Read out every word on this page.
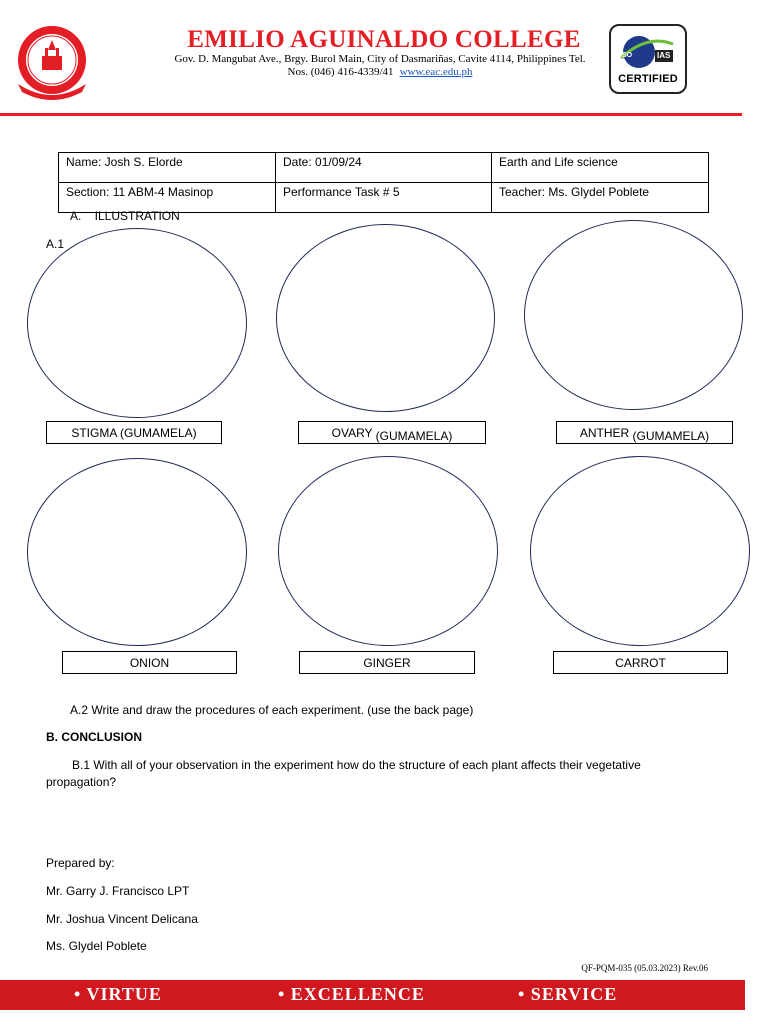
EMILIO AGUINALDO COLLEGE
Gov. D. Mangubat Ave., Brgy. Burol Main, City of Dasmariñas, Cavite 4114, Philippines Tel.
Nos. (046) 416-4339/41 www.eac.edu.ph
ISO	IAS
CERTIFIED
Name: Josh S. Elorde	Date: 01/09/24	Earth and Life science
Section: 11 ABM-4 Masinop	Performance Task # 5	Teacher: Ms. Glydel Poblete
A.    ILLUSTRATION
A.1
STIGMA (GUMAMELA)	OVARY (GUMAMELA)	ANTHER (GUMAMELA)
ONION	GINGER	CARROT
A.2 Write and draw the procedures of each experiment. (use the back page)
B. CONCLUSION
B.1 With all of your observation in the experiment how do the structure of each plant affects their vegetative
propagation?
Prepared by:
Mr. Garry J. Francisco LPT
Mr. Joshua Vincent Delicana
Ms. Glydel Poblete
QF-PQM-035 (05.03.2023) Rev.06
• VIRTUE	• EXCELLENCE	• SERVICE
